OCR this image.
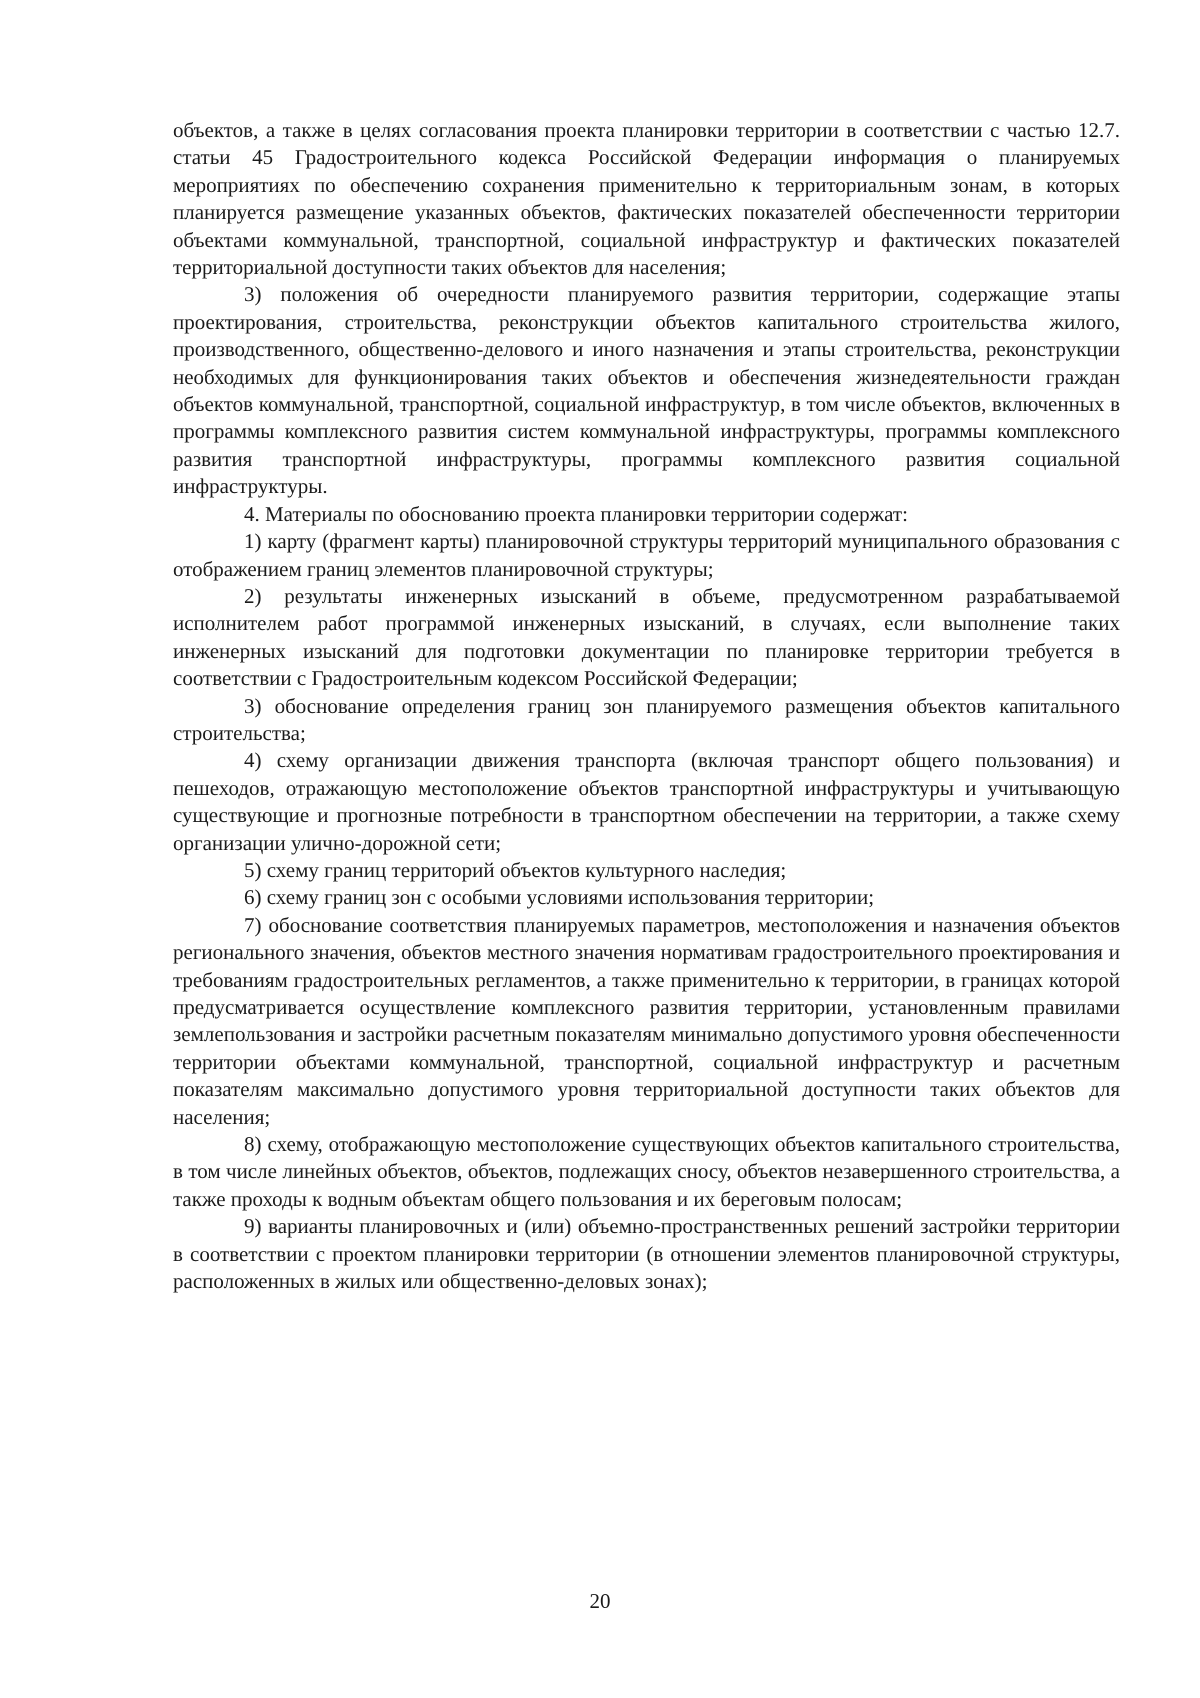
объектов, а также в целях согласования проекта планировки территории в соответствии с частью 12.7. статьи 45 Градостроительного кодекса Российской Федерации информация о планируемых мероприятиях по обеспечению сохранения применительно к территориальным зонам, в которых планируется размещение указанных объектов, фактических показателей обеспеченности территории объектами коммунальной, транспортной, социальной инфраструктур и фактических показателей территориальной доступности таких объектов для населения;

3) положения об очередности планируемого развития территории, содержащие этапы проектирования, строительства, реконструкции объектов капитального строительства жилого, производственного, общественно-делового и иного назначения и этапы строительства, реконструкции необходимых для функционирования таких объектов и обеспечения жизнедеятельности граждан объектов коммунальной, транспортной, социальной инфраструктур, в том числе объектов, включенных в программы комплексного развития систем коммунальной инфраструктуры, программы комплексного развития транспортной инфраструктуры, программы комплексного развития социальной инфраструктуры.

4. Материалы по обоснованию проекта планировки территории содержат:

1) карту (фрагмент карты) планировочной структуры территорий муниципального образования с отображением границ элементов планировочной структуры;

2) результаты инженерных изысканий в объеме, предусмотренном разрабатываемой исполнителем работ программой инженерных изысканий, в случаях, если выполнение таких инженерных изысканий для подготовки документации по планировке территории требуется в соответствии с Градостроительным кодексом Российской Федерации;

3) обоснование определения границ зон планируемого размещения объектов капитального строительства;

4) схему организации движения транспорта (включая транспорт общего пользования) и пешеходов, отражающую местоположение объектов транспортной инфраструктуры и учитывающую существующие и прогнозные потребности в транспортном обеспечении на территории, а также схему организации улично-дорожной сети;

5) схему границ территорий объектов культурного наследия;

6) схему границ зон с особыми условиями использования территории;

7) обоснование соответствия планируемых параметров, местоположения и назначения объектов регионального значения, объектов местного значения нормативам градостроительного проектирования и требованиям градостроительных регламентов, а также применительно к территории, в границах которой предусматривается осуществление комплексного развития территории, установленным правилами землепользования и застройки расчетным показателям минимально допустимого уровня обеспеченности территории объектами коммунальной, транспортной, социальной инфраструктур и расчетным показателям максимально допустимого уровня территориальной доступности таких объектов для населения;

8) схему, отображающую местоположение существующих объектов капитального строительства, в том числе линейных объектов, объектов, подлежащих сносу, объектов незавершенного строительства, а также проходы к водным объектам общего пользования и их береговым полосам;

9) варианты планировочных и (или) объемно-пространственных решений застройки территории в соответствии с проектом планировки территории (в отношении элементов планировочной структуры, расположенных в жилых или общественно-деловых зонах);

20
